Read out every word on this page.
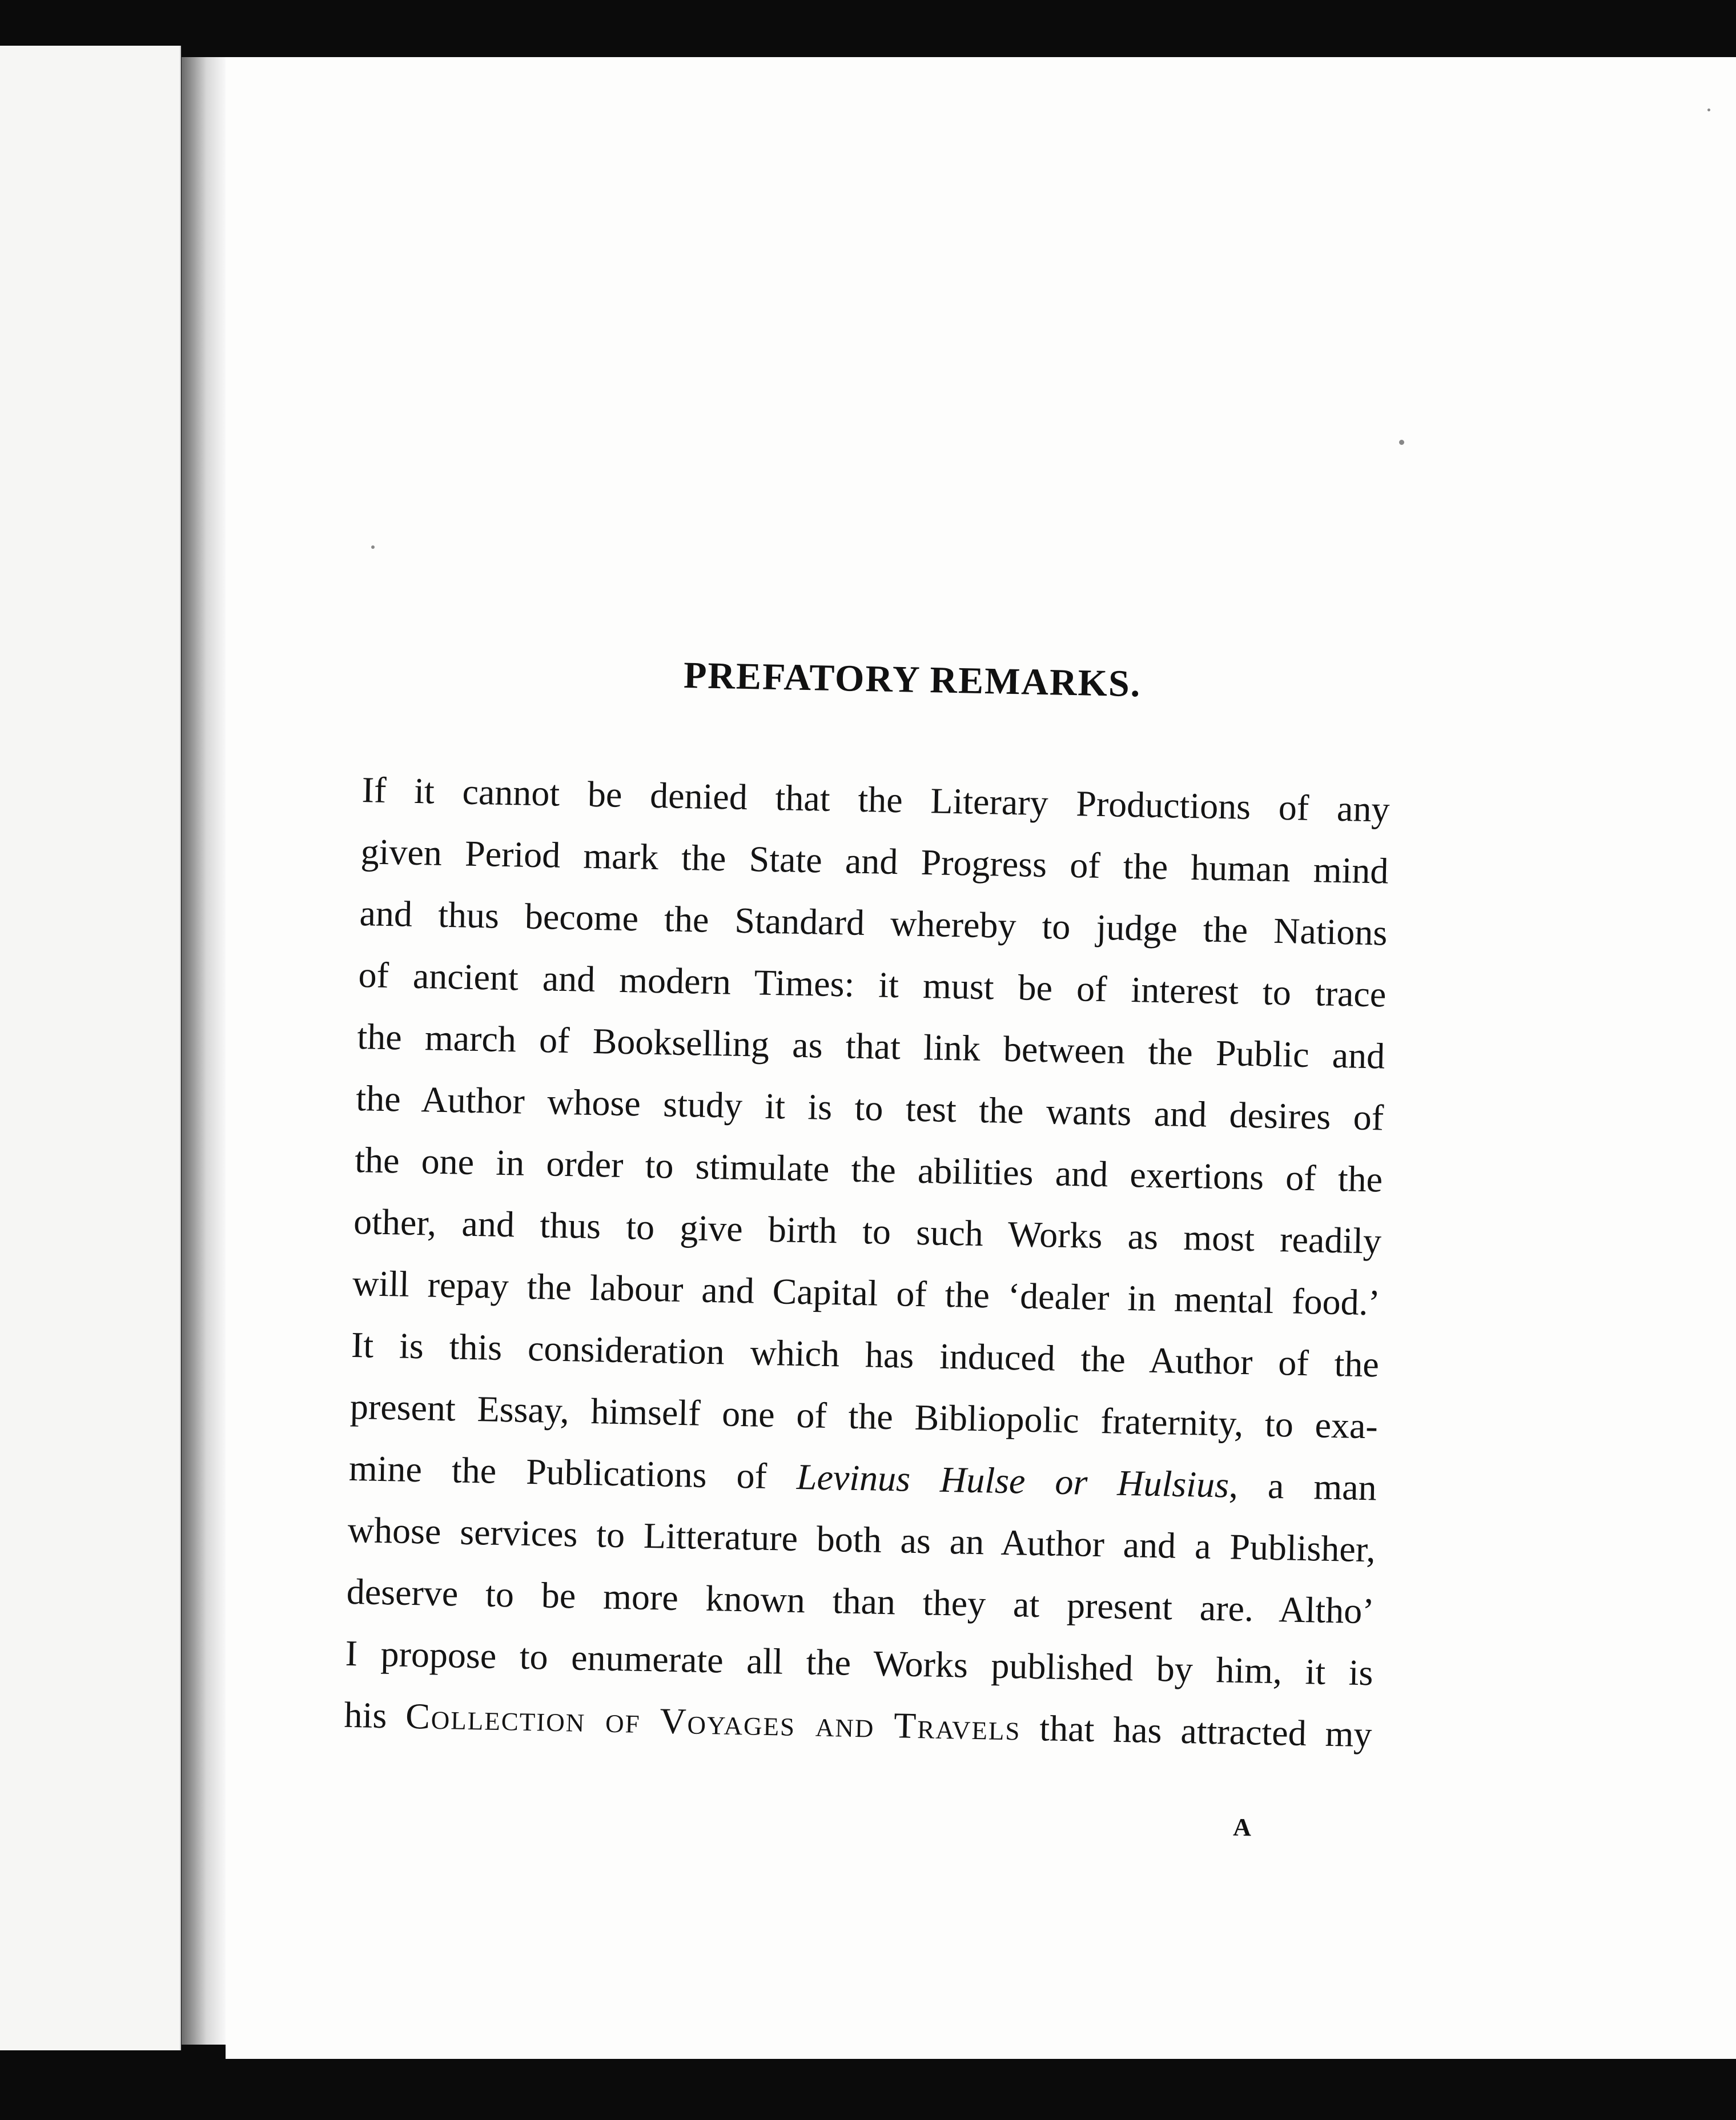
PREFATORY REMARKS.
If it cannot be denied that the Literary Productions of any
given Period mark the State and Progress of the human mind
and thus become the Standard whereby to judge the Nations
of ancient and modern Times: it must be of interest to trace
the march of Bookselling as that link between the Public and
the Author whose study it is to test the wants and desires of
the one in order to stimulate the abilities and exertions of the
other, and thus to give birth to such Works as most readily
will repay the labour and Capital of the ‘dealer in mental food.’
It is this consideration which has induced the Author of the
present Essay, himself one of the Bibliopolic fraternity, to exa-
mine the Publications of Levinus Hulse or Hulsius, a man
whose services to Litterature both as an Author and a Publisher,
deserve to be more known than they at present are. Altho’
I propose to enumerate all the Works published by him, it is
his Collection of Voyages and Travels that has attracted my
A
